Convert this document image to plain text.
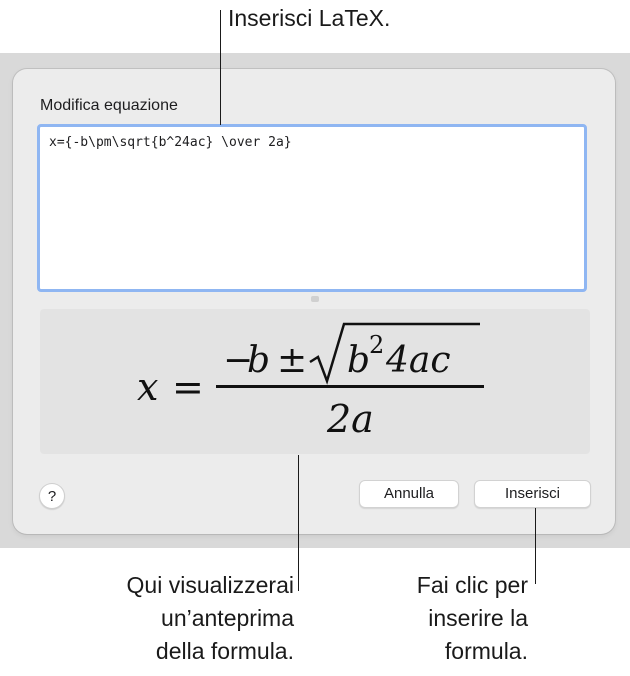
Modifica equazione
x={-b\pm\sqrt{b^24ac} \over 2a}
x =
−
b ± b
2 4ac
2a
?	Annulla	Inserisci
Inserisci LaTeX.
Qui visualizzerai
un’anteprima
della formula.
Fai clic per
inserire la
formula.
